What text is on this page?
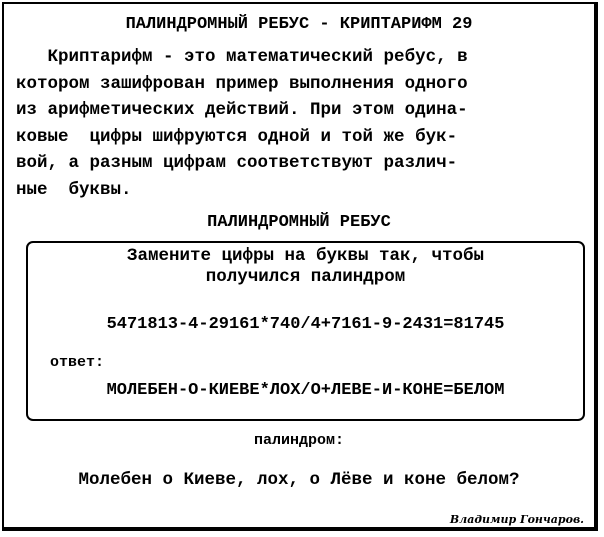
ПАЛИНДРОМНЫЙ РЕБУС - КРИПТАРИФМ 29
Криптарифм - это математический ребус, в
котором зашифрован пример выполнения одного
из арифметических действий. При этом одина-
ковые  цифры шифруются одной и той же бук-
вой, а разным цифрам соответствуют различ-
ные  буквы.
ПАЛИНДРОМНЫЙ РЕБУС
Замените цифры на буквы так, чтобы
получился палиндром
5471813-4-29161*740/4+7161-9-2431=81745
ответ:
МОЛЕБЕН-О-КИЕВЕ*ЛОХ/О+ЛЕВЕ-И-КОНЕ=БЕЛОМ
палиндром:
Молебен о Киеве, лох, о Лёве и коне белом?
Владимир Гончаров.
